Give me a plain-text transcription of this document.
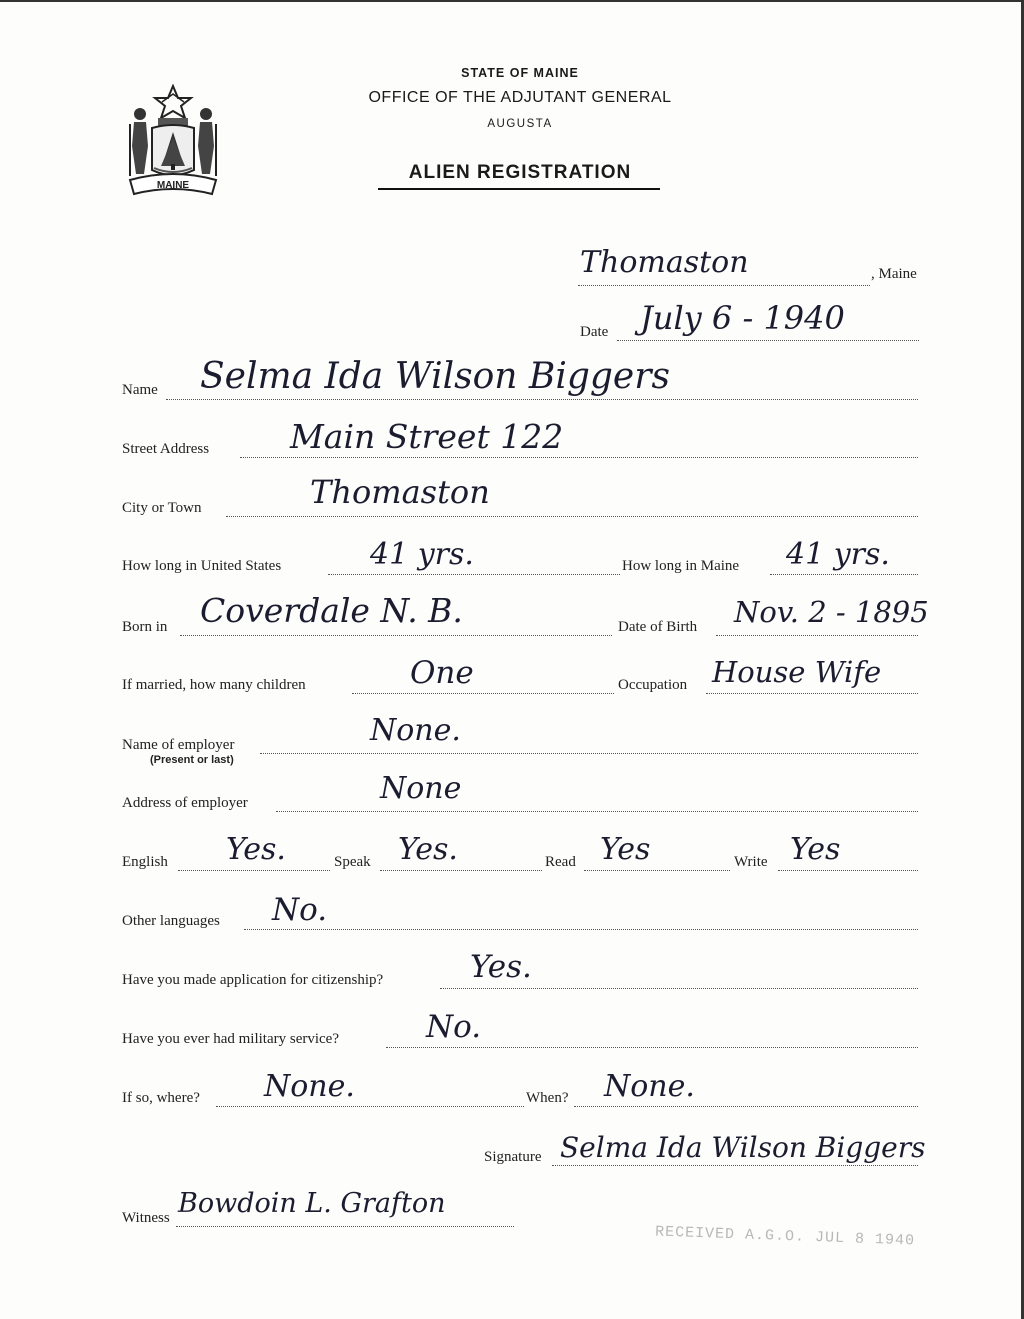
MAINE
STATE OF MAINE
OFFICE OF THE ADJUTANT GENERAL
AUGUSTA
ALIEN REGISTRATION
Thomaston	, Maine
Date July 6 - 1940
Name Selma Ida Wilson Biggers
Street Address Main Street 122
City or Town	Thomaston
How long in United States	41 yrs.	How long in Maine 41 yrs.
Born in Coverdale N. B.	Date of Birth Nov. 2 - 1895
If married, how many children	One	Occupation House Wife
Name of employer
(Present or last)
None.
Address of employer	None
English Yes.	Speak Yes.	Read Yes	Write Yes
Other languages No.
Have you made application for citizenship?	Yes.
Have you ever had military service?	No.
If so, where? None.	When? None.
Signature Selma Ida Wilson Biggers
Witness Bowdoin L. Grafton
RECEIVED A.G.O. JUL 8 1940
